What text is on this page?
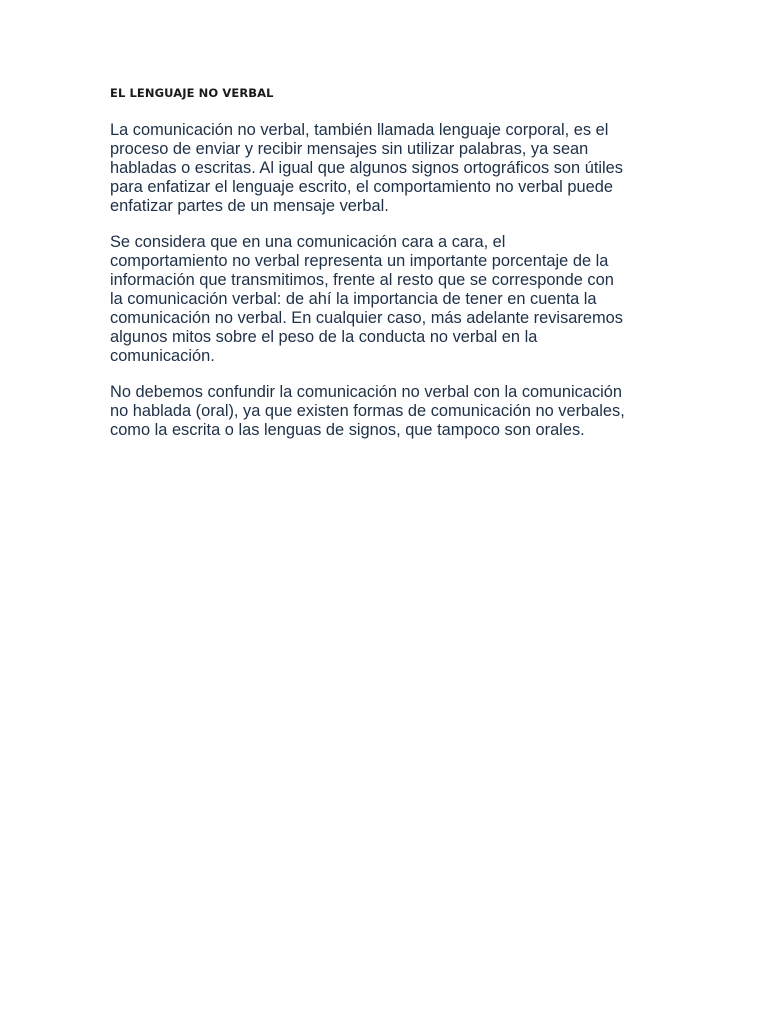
EL LENGUAJE NO VERBAL

La comunicación no verbal, también llamada lenguaje corporal, es el
proceso de enviar y recibir mensajes sin utilizar palabras, ya sean
habladas o escritas. Al igual que algunos signos ortográficos son útiles
para enfatizar el lenguaje escrito, el comportamiento no verbal puede
enfatizar partes de un mensaje verbal.

Se considera que en una comunicación cara a cara, el
comportamiento no verbal representa un importante porcentaje de la
información que transmitimos, frente al resto que se corresponde con
la comunicación verbal: de ahí la importancia de tener en cuenta la
comunicación no verbal. En cualquier caso, más adelante revisaremos
algunos mitos sobre el peso de la conducta no verbal en la
comunicación.

No debemos confundir la comunicación no verbal con la comunicación
no hablada (oral), ya que existen formas de comunicación no verbales,
como la escrita o las lenguas de signos, que tampoco son orales.
